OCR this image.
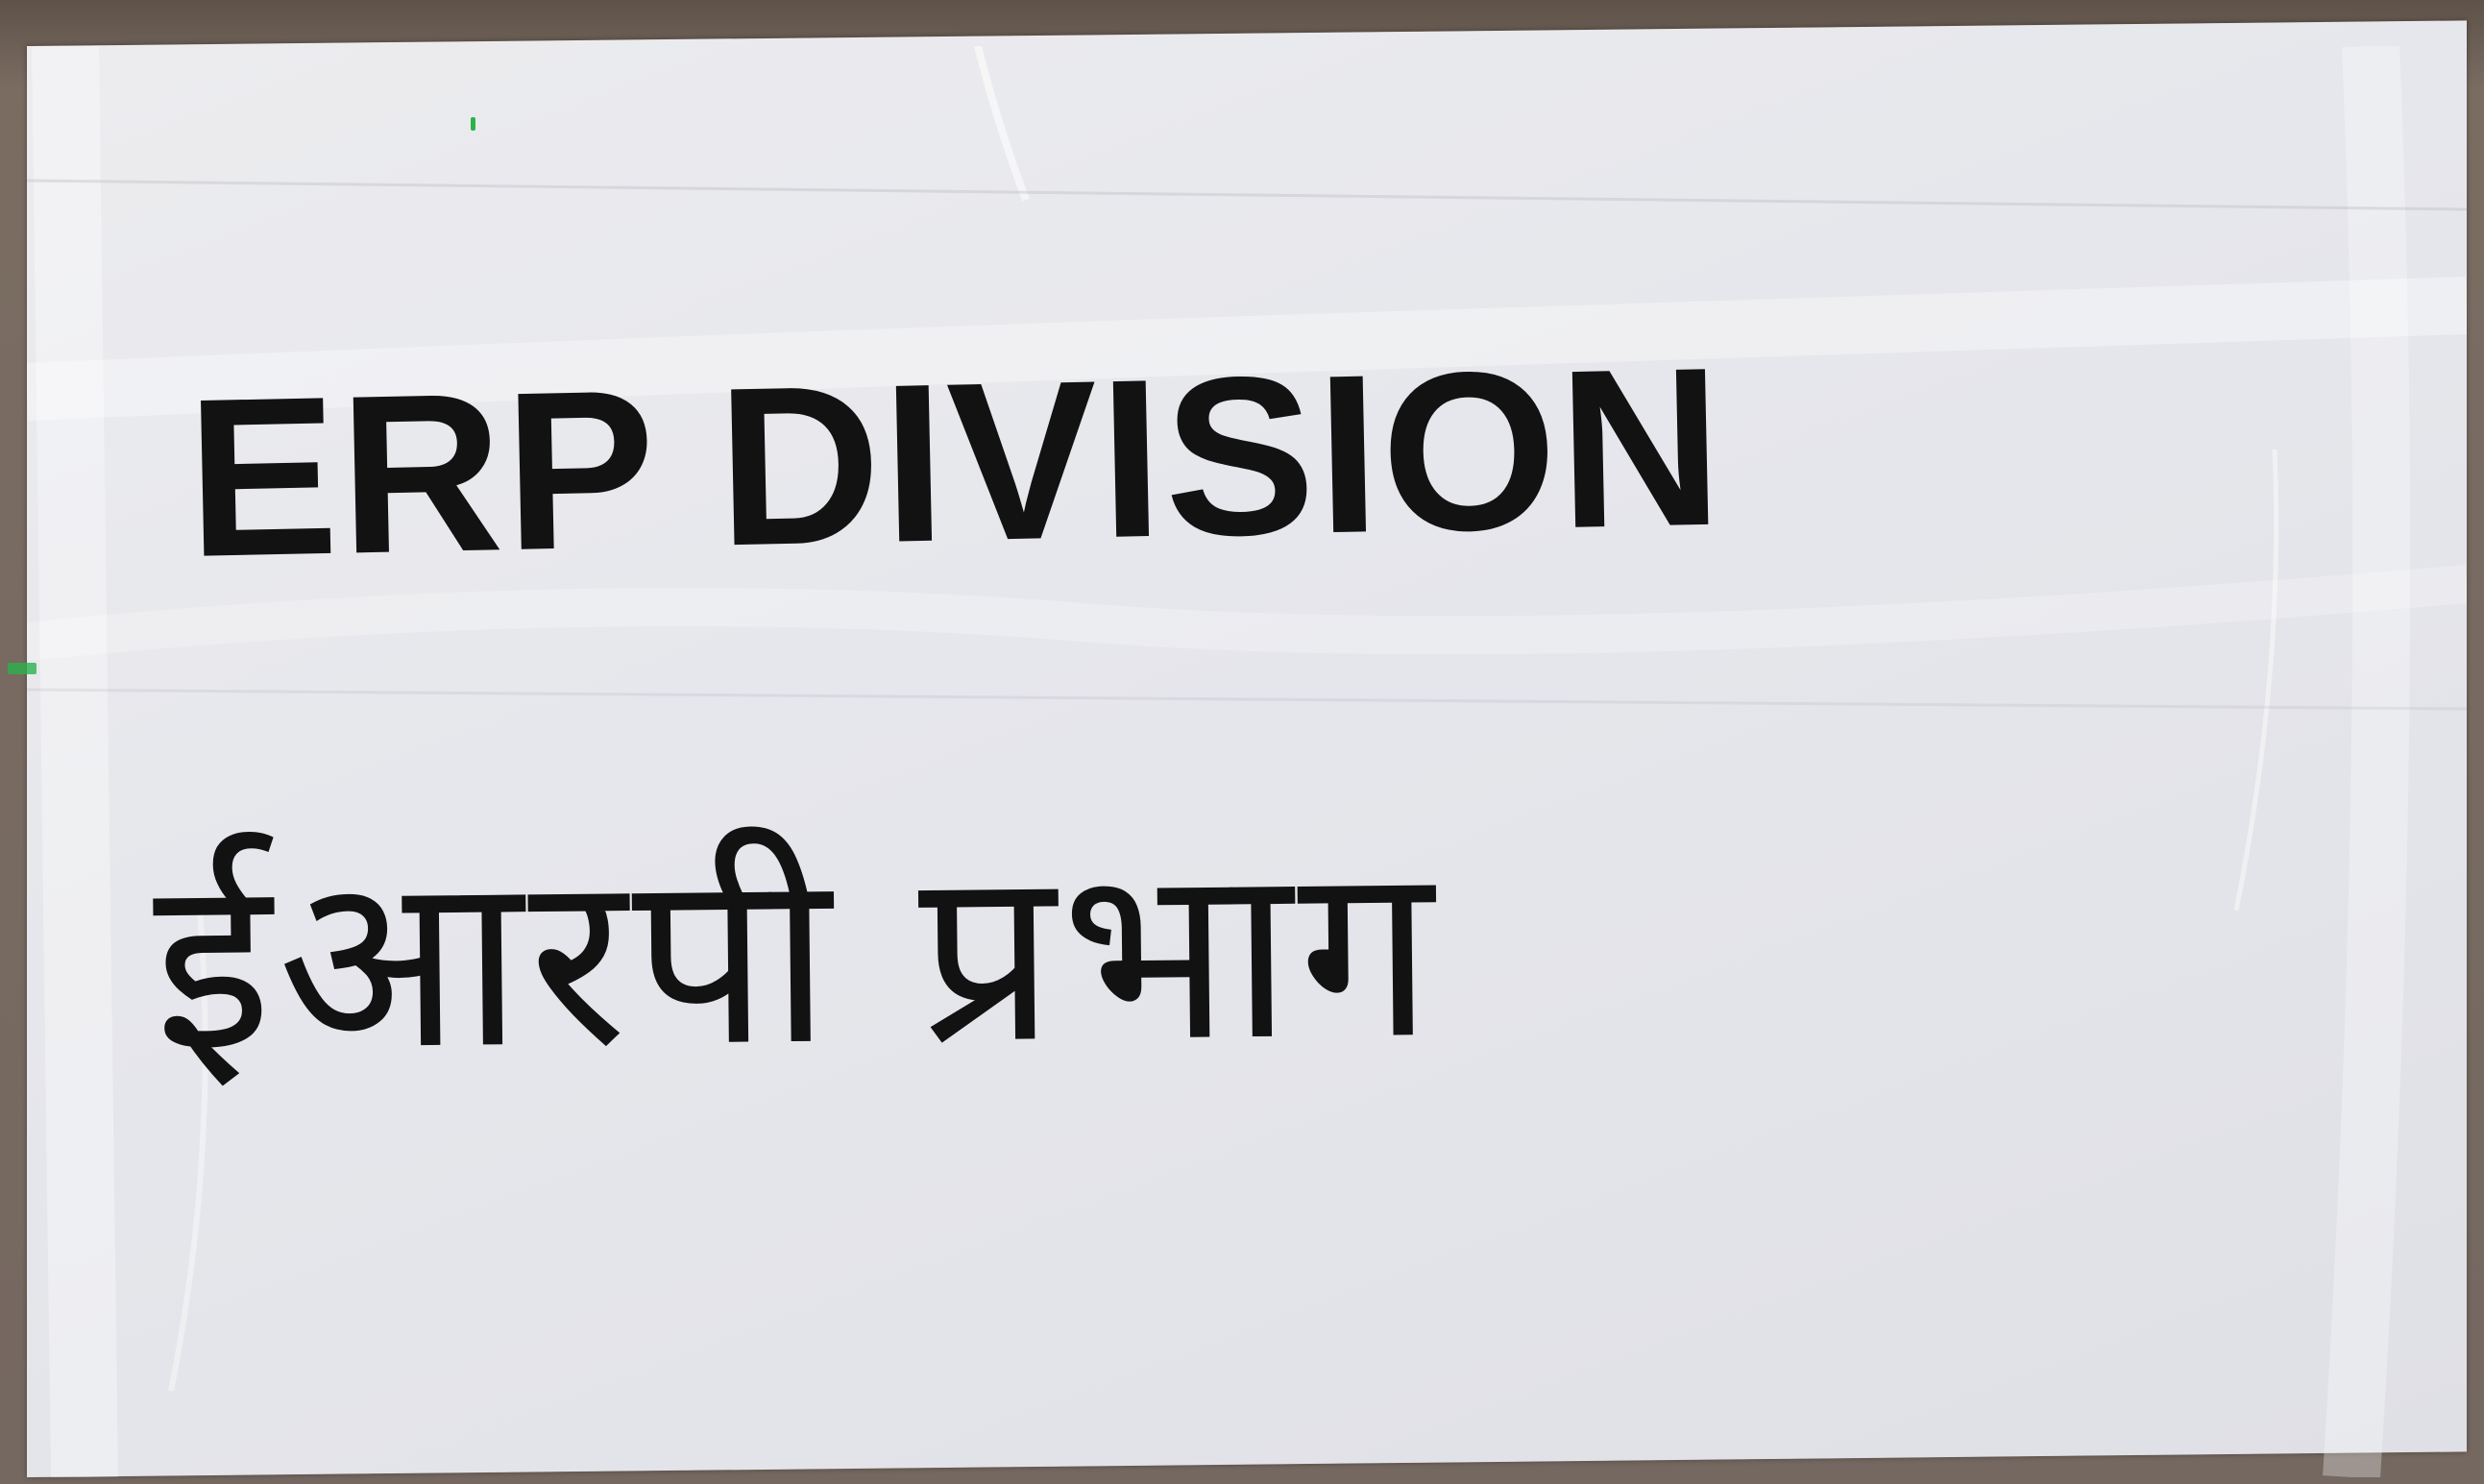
ERP DIVISION
ईआरपी प्रभाग
